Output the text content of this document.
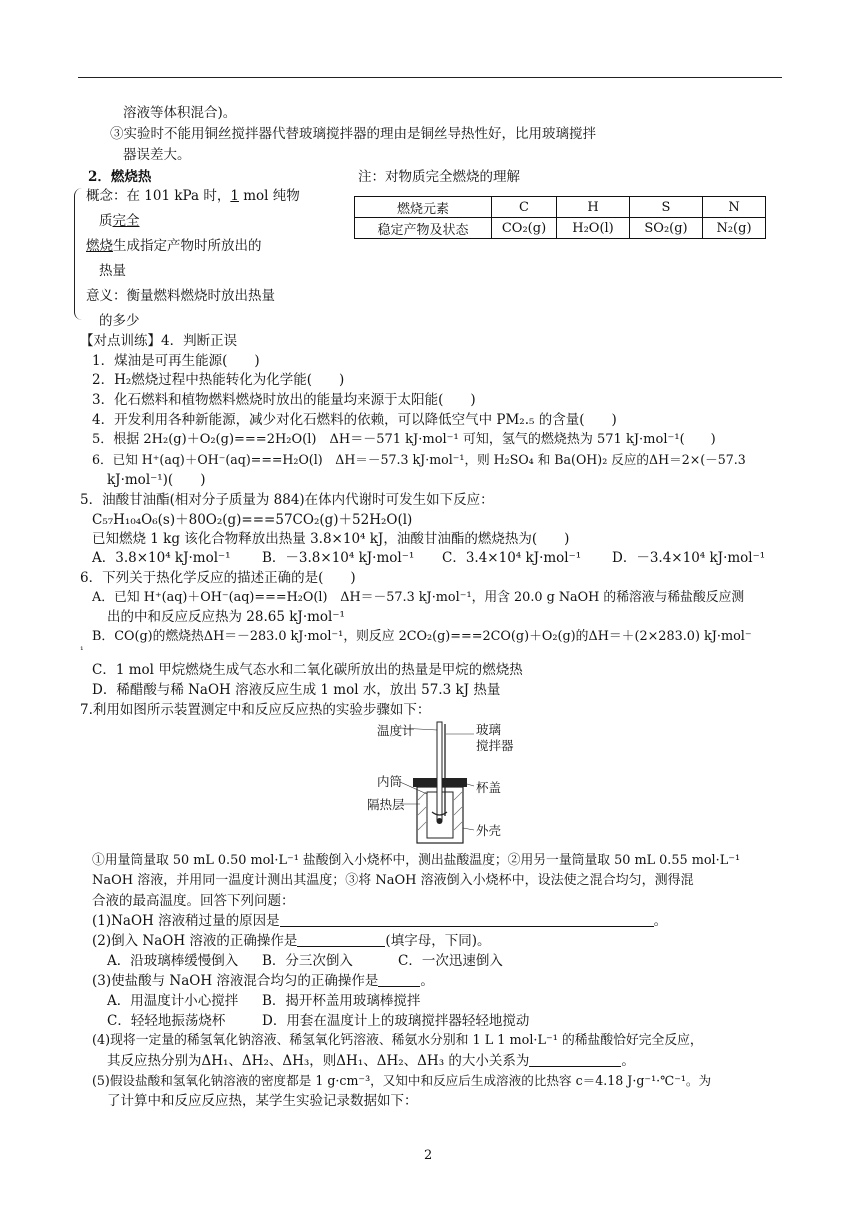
溶液等体积混合)。
③实验时不能用铜丝搅拌器代替玻璃搅拌器的理由是铜丝导热性好，比用玻璃搅拌
器误差大。
2．燃烧热
概念：在 101 kPa 时，1 mol 纯物
质完全
燃烧生成指定产物时所放出的
热量
意义：衡量燃料燃烧时放出热量
的多少
注：对物质完全燃烧的理解
燃烧元素	C	H	S	N
稳定产物及状态	CO₂(g)	H₂O(l)	SO₂(g)	N₂(g)
【对点训练】4．判断正误
1．煤油是可再生能源(　　)
2．H₂燃烧过程中热能转化为化学能(　　)
3．化石燃料和植物燃料燃烧时放出的能量均来源于太阳能(　　)
4．开发利用各种新能源，减少对化石燃料的依赖，可以降低空气中 PM₂.₅ 的含量(　　)
5．根据 2H₂(g)＋O₂(g)===2H₂O(l)　ΔH＝－571 kJ·mol⁻¹ 可知，氢气的燃烧热为 571 kJ·mol⁻¹(　　)
6．已知 H⁺(aq)＋OH⁻(aq)===H₂O(l)　ΔH＝－57.3 kJ·mol⁻¹，则 H₂SO₄ 和 Ba(OH)₂ 反应的ΔH＝2×(－57.3
kJ·mol⁻¹)(　　)
5．油酸甘油酯(相对分子质量为 884)在体内代谢时可发生如下反应：
C₅₇H₁₀₄O₆(s)＋80O₂(g)===57CO₂(g)＋52H₂O(l)
已知燃烧 1 kg 该化合物释放出热量 3.8×10⁴ kJ，油酸甘油酯的燃烧热为(　　)
A．3.8×10⁴ kJ·mol⁻¹ B．－3.8×10⁴ kJ·mol⁻¹ C．3.4×10⁴ kJ·mol⁻¹ D．－3.4×10⁴ kJ·mol⁻¹
6．下列关于热化学反应的描述正确的是(　　)
A．已知 H⁺(aq)＋OH⁻(aq)===H₂O(l)　ΔH＝－57.3 kJ·mol⁻¹，用含 20.0 g NaOH 的稀溶液与稀盐酸反应测
出的中和反应反应热为 28.65 kJ·mol⁻¹
B．CO(g)的燃烧热ΔH＝－283.0 kJ·mol⁻¹，则反应 2CO₂(g)===2CO(g)＋O₂(g)的ΔH＝＋(2×283.0) kJ·mol⁻
¹
C．1 mol 甲烷燃烧生成气态水和二氧化碳所放出的热量是甲烷的燃烧热
D．稀醋酸与稀 NaOH 溶液反应生成 1 mol 水，放出 57.3 kJ 热量
7.利用如图所示装置测定中和反应反应热的实验步骤如下：
温度计	玻璃
搅拌器
内筒	杯盖
隔热层
外壳
①用量筒量取 50 mL 0.50 mol·L⁻¹ 盐酸倒入小烧杯中，测出盐酸温度；②用另一量筒量取 50 mL 0.55 mol·L⁻¹
NaOH 溶液，并用同一温度计测出其温度；③将 NaOH 溶液倒入小烧杯中，设法使之混合均匀，测得混
合液的最高温度。回答下列问题：
(1)NaOH 溶液稍过量的原因是	。
(2)倒入 NaOH 溶液的正确操作是	(填字母，下同)。
A．沿玻璃棒缓慢倒入 B．分三次倒入	C．一次迅速倒入
(3)使盐酸与 NaOH 溶液混合均匀的正确操作是	。
A．用温度计小心搅拌 B．揭开杯盖用玻璃棒搅拌
C．轻轻地振荡烧杯	D．用套在温度计上的玻璃搅拌器轻轻地搅动
(4)现将一定量的稀氢氧化钠溶液、稀氢氧化钙溶液、稀氨水分别和 1 L 1 mol·L⁻¹ 的稀盐酸恰好完全反应，
其反应热分别为ΔH₁、ΔH₂、ΔH₃，则ΔH₁、ΔH₂、ΔH₃ 的大小关系为	。
(5)假设盐酸和氢氧化钠溶液的密度都是 1 g·cm⁻³，又知中和反应后生成溶液的比热容 c＝4.18 J·g⁻¹·℃⁻¹。为
了计算中和反应反应热，某学生实验记录数据如下：
2
